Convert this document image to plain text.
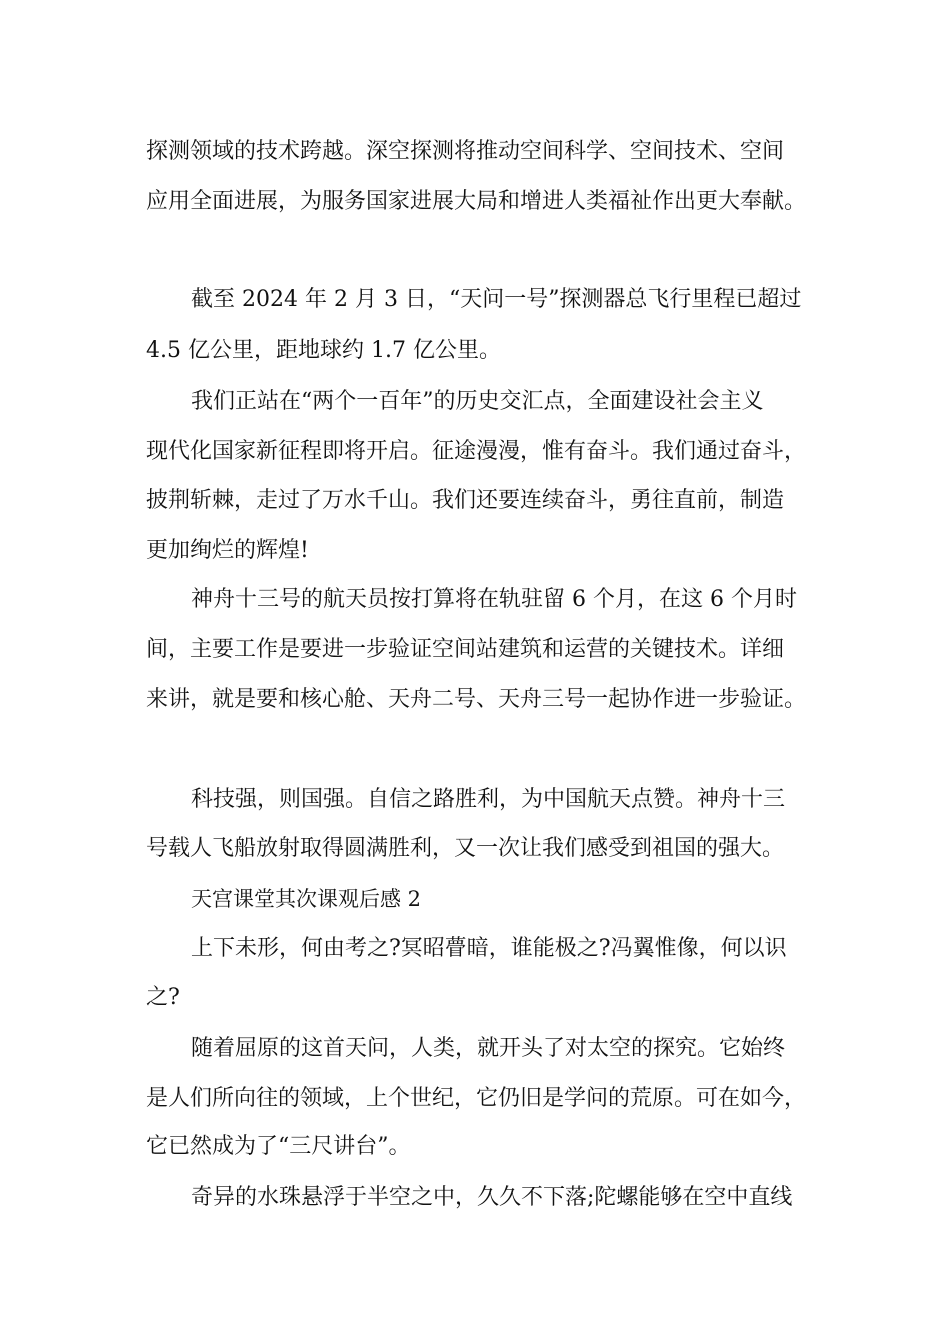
探测领域的技术跨越。深空探测将推动空间科学、空间技术、空间

应用全面进展，为服务国家进展大局和增进人类福祉作出更大奉献。

截至 2024 年 2 月 3 日，“天问一号”探测器总飞行里程已超过

4.5 亿公里，距地球约 1.7 亿公里。

我们正站在“两个一百年”的历史交汇点，全面建设社会主义

现代化国家新征程即将开启。征途漫漫，惟有奋斗。我们通过奋斗，

披荆斩棘，走过了万水千山。我们还要连续奋斗，勇往直前，制造

更加绚烂的辉煌!

神舟十三号的航天员按打算将在轨驻留 6 个月，在这 6 个月时

间，主要工作是要进一步验证空间站建筑和运营的关键技术。详细

来讲，就是要和核心舱、天舟二号、天舟三号一起协作进一步验证。

科技强，则国强。自信之路胜利，为中国航天点赞。神舟十三

号载人飞船放射取得圆满胜利，又一次让我们感受到祖国的强大。

天宫课堂其次课观后感 2

上下未形，何由考之?冥昭瞢暗，谁能极之?冯翼惟像，何以识

之?

随着屈原的这首天问，人类，就开头了对太空的探究。它始终

是人们所向往的领域，上个世纪，它仍旧是学问的荒原。可在如今，

它已然成为了“三尺讲台”。

奇异的水珠悬浮于半空之中，久久不下落;陀螺能够在空中直线
